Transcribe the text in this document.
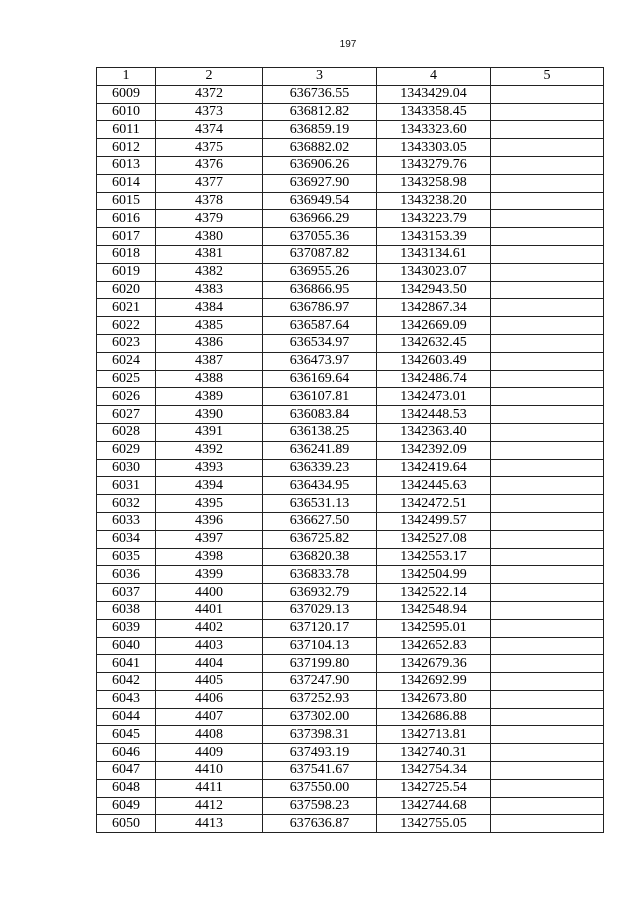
197
1	2	3	4	5
6009	4372	636736.55	1343429.04	
6010	4373	636812.82	1343358.45	
6011	4374	636859.19	1343323.60	
6012	4375	636882.02	1343303.05	
6013	4376	636906.26	1343279.76	
6014	4377	636927.90	1343258.98	
6015	4378	636949.54	1343238.20	
6016	4379	636966.29	1343223.79	
6017	4380	637055.36	1343153.39	
6018	4381	637087.82	1343134.61	
6019	4382	636955.26	1343023.07	
6020	4383	636866.95	1342943.50	
6021	4384	636786.97	1342867.34	
6022	4385	636587.64	1342669.09	
6023	4386	636534.97	1342632.45	
6024	4387	636473.97	1342603.49	
6025	4388	636169.64	1342486.74	
6026	4389	636107.81	1342473.01	
6027	4390	636083.84	1342448.53	
6028	4391	636138.25	1342363.40	
6029	4392	636241.89	1342392.09	
6030	4393	636339.23	1342419.64	
6031	4394	636434.95	1342445.63	
6032	4395	636531.13	1342472.51	
6033	4396	636627.50	1342499.57	
6034	4397	636725.82	1342527.08	
6035	4398	636820.38	1342553.17	
6036	4399	636833.78	1342504.99	
6037	4400	636932.79	1342522.14	
6038	4401	637029.13	1342548.94	
6039	4402	637120.17	1342595.01	
6040	4403	637104.13	1342652.83	
6041	4404	637199.80	1342679.36	
6042	4405	637247.90	1342692.99	
6043	4406	637252.93	1342673.80	
6044	4407	637302.00	1342686.88	
6045	4408	637398.31	1342713.81	
6046	4409	637493.19	1342740.31	
6047	4410	637541.67	1342754.34	
6048	4411	637550.00	1342725.54	
6049	4412	637598.23	1342744.68	
6050	4413	637636.87	1342755.05	
